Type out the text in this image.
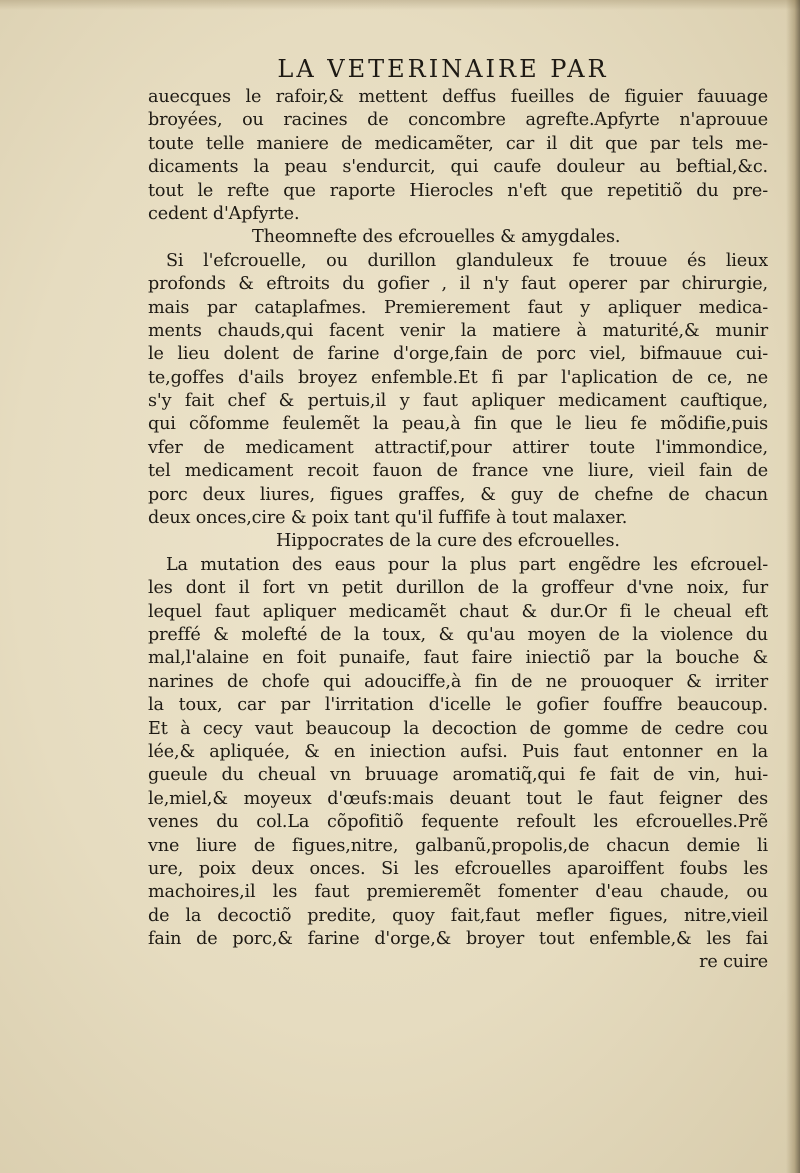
LA VETERINAIRE PAR
auecques le rafoir,& mettent deffus fueilles de figuier fauuage
broyées, ou racines de concombre agrefte.Apfyrte n'aprouue
toute telle maniere de medicamẽter, car il dit que par tels me-
dicaments la peau s'endurcit, qui caufe douleur au beftial,&c.
tout le refte que raporte Hierocles n'eft que repetitiõ du pre-
cedent d'Apfyrte.
Theomnefte des efcrouelles & amygdales.
Si l'efcrouelle, ou durillon glanduleux fe trouue és lieux
profonds & eftroits du gofier , il n'y faut operer par chirurgie,
mais par cataplafmes. Premierement faut y apliquer medica-
ments chauds,qui facent venir la matiere à maturité,& munir
le lieu dolent de farine d'orge,fain de porc viel, bifmauue cui-
te,goffes d'ails broyez enfemble.Et fi par l'aplication de ce, ne
s'y fait chef & pertuis,il y faut apliquer medicament cauftique,
qui cõfomme feulemẽt la peau,à fin que le lieu fe mõdifie,puis
vfer de medicament attractif,pour attirer toute l'immondice,
tel medicament recoit fauon de france vne liure, vieil fain de
porc deux liures, figues graffes, & guy de chefne de chacun
deux onces,cire & poix tant qu'il fuffife à tout malaxer.
Hippocrates de la cure des efcrouelles.
La mutation des eaus pour la plus part engẽdre les efcrouel-
les dont il fort vn petit durillon de la groffeur d'vne noix, fur
lequel faut apliquer medicamẽt chaut & dur.Or fi le cheual eft
preffé & molefté de la toux, & qu'au moyen de la violence du
mal,l'alaine en foit punaife, faut faire iniectiõ par la bouche &
narines de chofe qui adouciffe,à fin de ne prouoquer & irriter
la toux, car par l'irritation d'icelle le gofier fouffre beaucoup.
Et à cecy vaut beaucoup la decoction de gomme de cedre cou
lée,& apliquée, & en iniection aufsi. Puis faut entonner en la
gueule du cheual vn bruuage aromatiq̃,qui fe fait de vin, hui-
le,miel,& moyeux d'œufs:mais deuant tout le faut feigner des
venes du col.La cõpofitiõ fequente refoult les efcrouelles.Prẽ
vne liure de figues,nitre, galbanũ,propolis,de chacun demie li
ure, poix deux onces. Si les efcrouelles aparoiffent foubs les
machoires,il les faut premieremẽt fomenter d'eau chaude, ou
de la decoctiõ predite, quoy fait,faut mefler figues, nitre,vieil
fain de porc,& farine d'orge,& broyer tout enfemble,& les fai
re cuire
